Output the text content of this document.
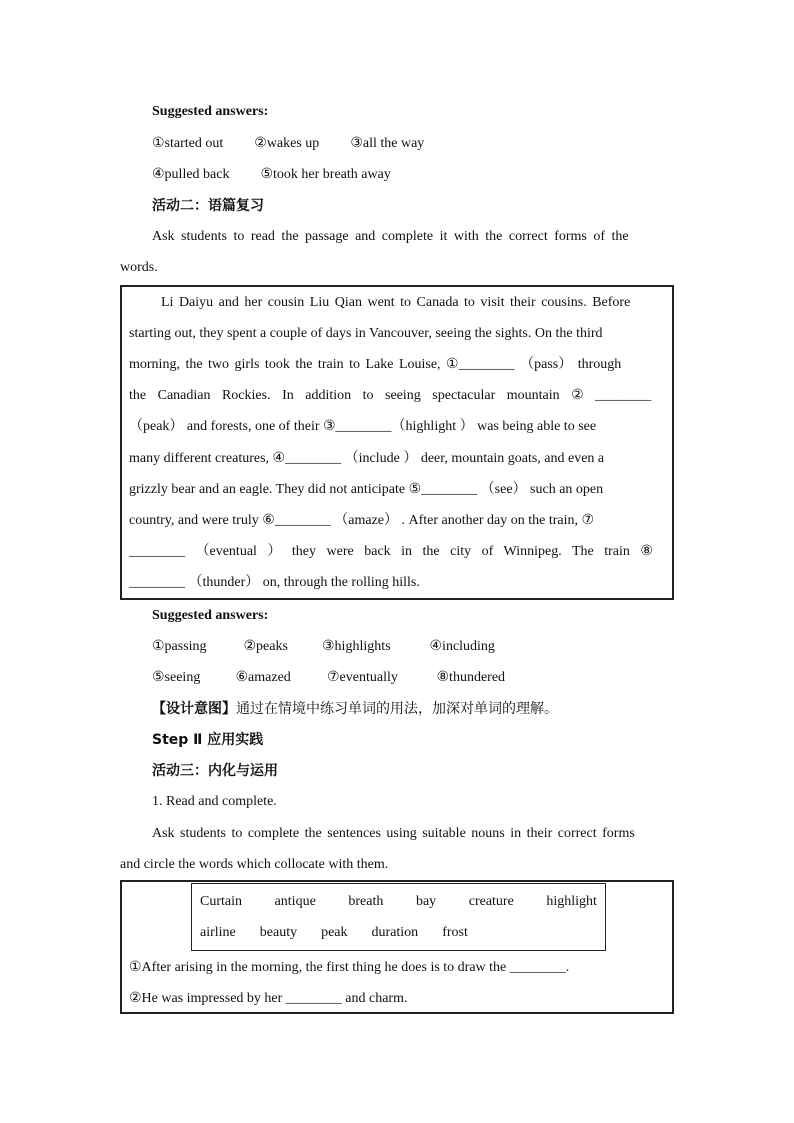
Suggested answers:
①started out ②wakes up ③all the way
④pulled back ⑤took her breath away
活动二：语篇复习
Ask students to read the passage and complete it with the correct forms of the
words.
Li Daiyu and her cousin Liu Qian went to Canada to visit their cousins. Before
starting out, they spent a couple of days in Vancouver, seeing the sights. On the third
morning, the two girls took the train to Lake Louise, ①________ （pass） through
the Canadian Rockies. In addition to seeing spectacular mountain ② ________
（peak） and forests, one of their ③________（highlight ） was being able to see
many different creatures, ④________ （include ） deer, mountain goats, and even a
grizzly bear and an eagle. They did not anticipate ⑤________ （see） such an open
country, and were truly ⑥________ （amaze） . After another day on the train, ⑦
________ （eventual ） they were back in the city of Winnipeg. The train ⑧
________ （thunder） on, through the rolling hills.
Suggested answers:
①passing	②peaks ③highlights	④including
⑤seeing	⑥amazed	⑦eventually	⑧thundered
【设计意图】通过在情境中练习单词的用法，加深对单词的理解。
Step Ⅱ 应用实践
活动三：内化与运用
1. Read and complete.
Ask students to complete the sentences using suitable nouns in their correct forms
and circle the words which collocate with them.
Curtain antique breath bay creature highlight
airline beauty peak duration frost
①After arising in the morning, the first thing he does is to draw the ________.
②He was impressed by her ________ and charm.
